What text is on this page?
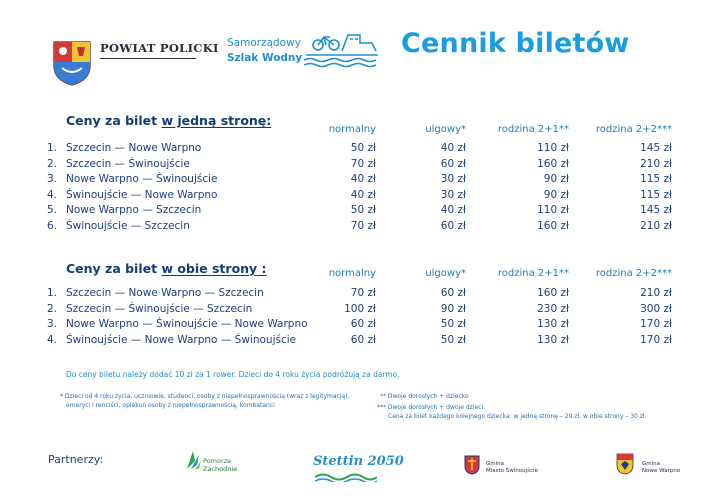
POWIAT POLICKI Samorządowy
Szlak Wodny	Cennik biletów
Ceny za bilet w jedną stronę:
normalny	ulgowy*	rodzina 2+1**	rodzina 2+2***
1. Szczecin — Nowe Warpno	50 zł	40 zł	110 zł	145 zł
2. Szczecin — Świnoujście	70 zł	60 zł	160 zł	210 zł
3. Nowe Warpno — Świnoujście	40 zł	30 zł	90 zł	115 zł
4. Świnoujście — Nowe Warpno	40 zł	30 zł	90 zł	115 zł
5. Nowe Warpno — Szczecin	50 zł	40 zł	110 zł	145 zł
6. Świnoujście — Szczecin	70 zł	60 zł	160 zł	210 zł
Ceny za bilet w obie strony :	normalny	ulgowy*	rodzina 2+1**	rodzina 2+2***
1. Szczecin — Nowe Warpno — Szczecin	70 zł	60 zł	160 zł	210 zł
2. Szczecin — Świnoujście — Szczecin	100 zł	90 zł	230 zł	300 zł
3. Nowe Warpno — Świnoujście — Nowe Warpno	60 zł	50 zł	130 zł	170 zł
4. Świnoujście — Nowe Warpno — Świnoujście	60 zł	50 zł	130 zł	170 zł
Do ceny biletu należy dodać 10 zł za 1 rower. Dzieci do 4 roku życia podróżują za darmo.
* Dzieci od 4 roku życia, uczniowie, studenci, osoby z niepełnosprawnością (wraz z legitymacją),
emeryci i renciści, opiekun osoby z niepełnosprawnością, kombatanci
** Dwoje dorosłych + dziecko
*** Dwoje dorosłych + dwoje dzieci.
Cena za bilet każdego kolejnego dziecka: w jedną stronę – 20 zł, w obie strony – 30 zł.
Partnerzy:	Pomorze
Zachodnie	Stettin 2050	Gmina
Miasto Świnoujście
Gmina
Nowe Warpno
